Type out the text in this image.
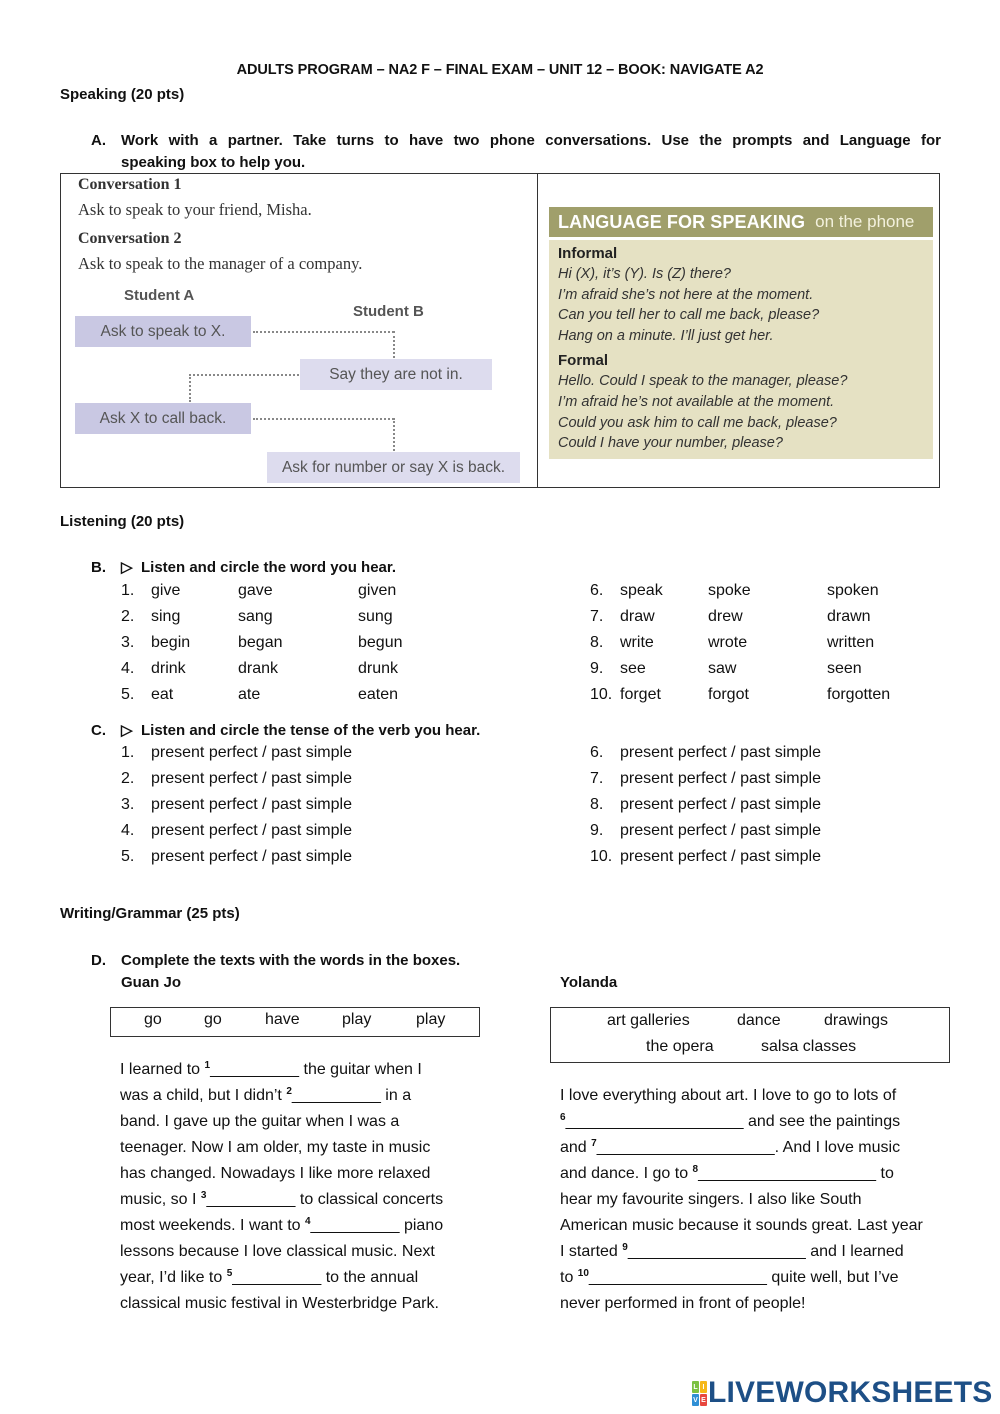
ADULTS PROGRAM – NA2 F – FINAL EXAM – UNIT 12 – BOOK: NAVIGATE A2
Speaking (20 pts)
A. Work with a partner. Take turns to have two phone conversations. Use the prompts and Language for
speaking box to help you.
Conversation 1
Ask to speak to your friend, Misha.
Conversation 2
Ask to speak to the manager of a company.
Student A
Student B
Ask to speak to X.
Say they are not in.
Ask X to call back.
Ask for number or say X is back.
LANGUAGE FOR SPEAKING on the phone
Informal
Hi (X), it’s (Y). Is (Z) there?
I’m afraid she’s not here at the moment.
Can you tell her to call me back, please?
Hang on a minute. I’ll just get her.
Formal
Hello. Could I speak to the manager, please?
I’m afraid he’s not available at the moment.
Could you ask him to call me back, please?
Could I have your number, please?
Listening (20 pts)
B. ▷ Listen and circle the word you hear.
1. give	gave	given
2. sing	sang	sung
3. begin	began	begun
4. drink	drank	drunk
5. eat	ate	eaten
6. speak	spoke	spoken
7. draw	drew	drawn
8. write	wrote	written
9. see	saw	seen
10. forget	forgot	forgotten
C. ▷ Listen and circle the tense of the verb you hear.
1. present perfect / past simple
2. present perfect / past simple
3. present perfect / past simple
4. present perfect / past simple
5. present perfect / past simple
6. present perfect / past simple
7. present perfect / past simple
8. present perfect / past simple
9. present perfect / past simple
10. present perfect / past simple
Writing/Grammar (25 pts)
D. Complete the texts with the words in the boxes.
Guan Jo	Yolanda
go	go	have	play	play	art galleries	dance	drawings
the opera	salsa classes
I learned to $^1$__________ the guitar when I
was a child, but I didn’t $^2$__________ in a
band. I gave up the guitar when I was a
teenager. Now I am older, my taste in music
has changed. Nowadays I like more relaxed
music, so I $^3$__________ to classical concerts
most weekends. I want to $^4$__________ piano
lessons because I love classical music. Next
year, I’d like to $^5$__________ to the annual
classical music festival in Westerbridge Park.
I love everything about art. I love to go to lots of
$^6$____________________ and see the paintings
and $^7$____________________. And I love music
and dance. I go to $^8$____________________ to
hear my favourite singers. I also like South
American music because it sounds great. Last year
I started $^9$____________________ and I learned
to $^{10}$____________________ quite well, but I’ve
never performed in front of people!
L I
V E LIVEWORKSHEETS
